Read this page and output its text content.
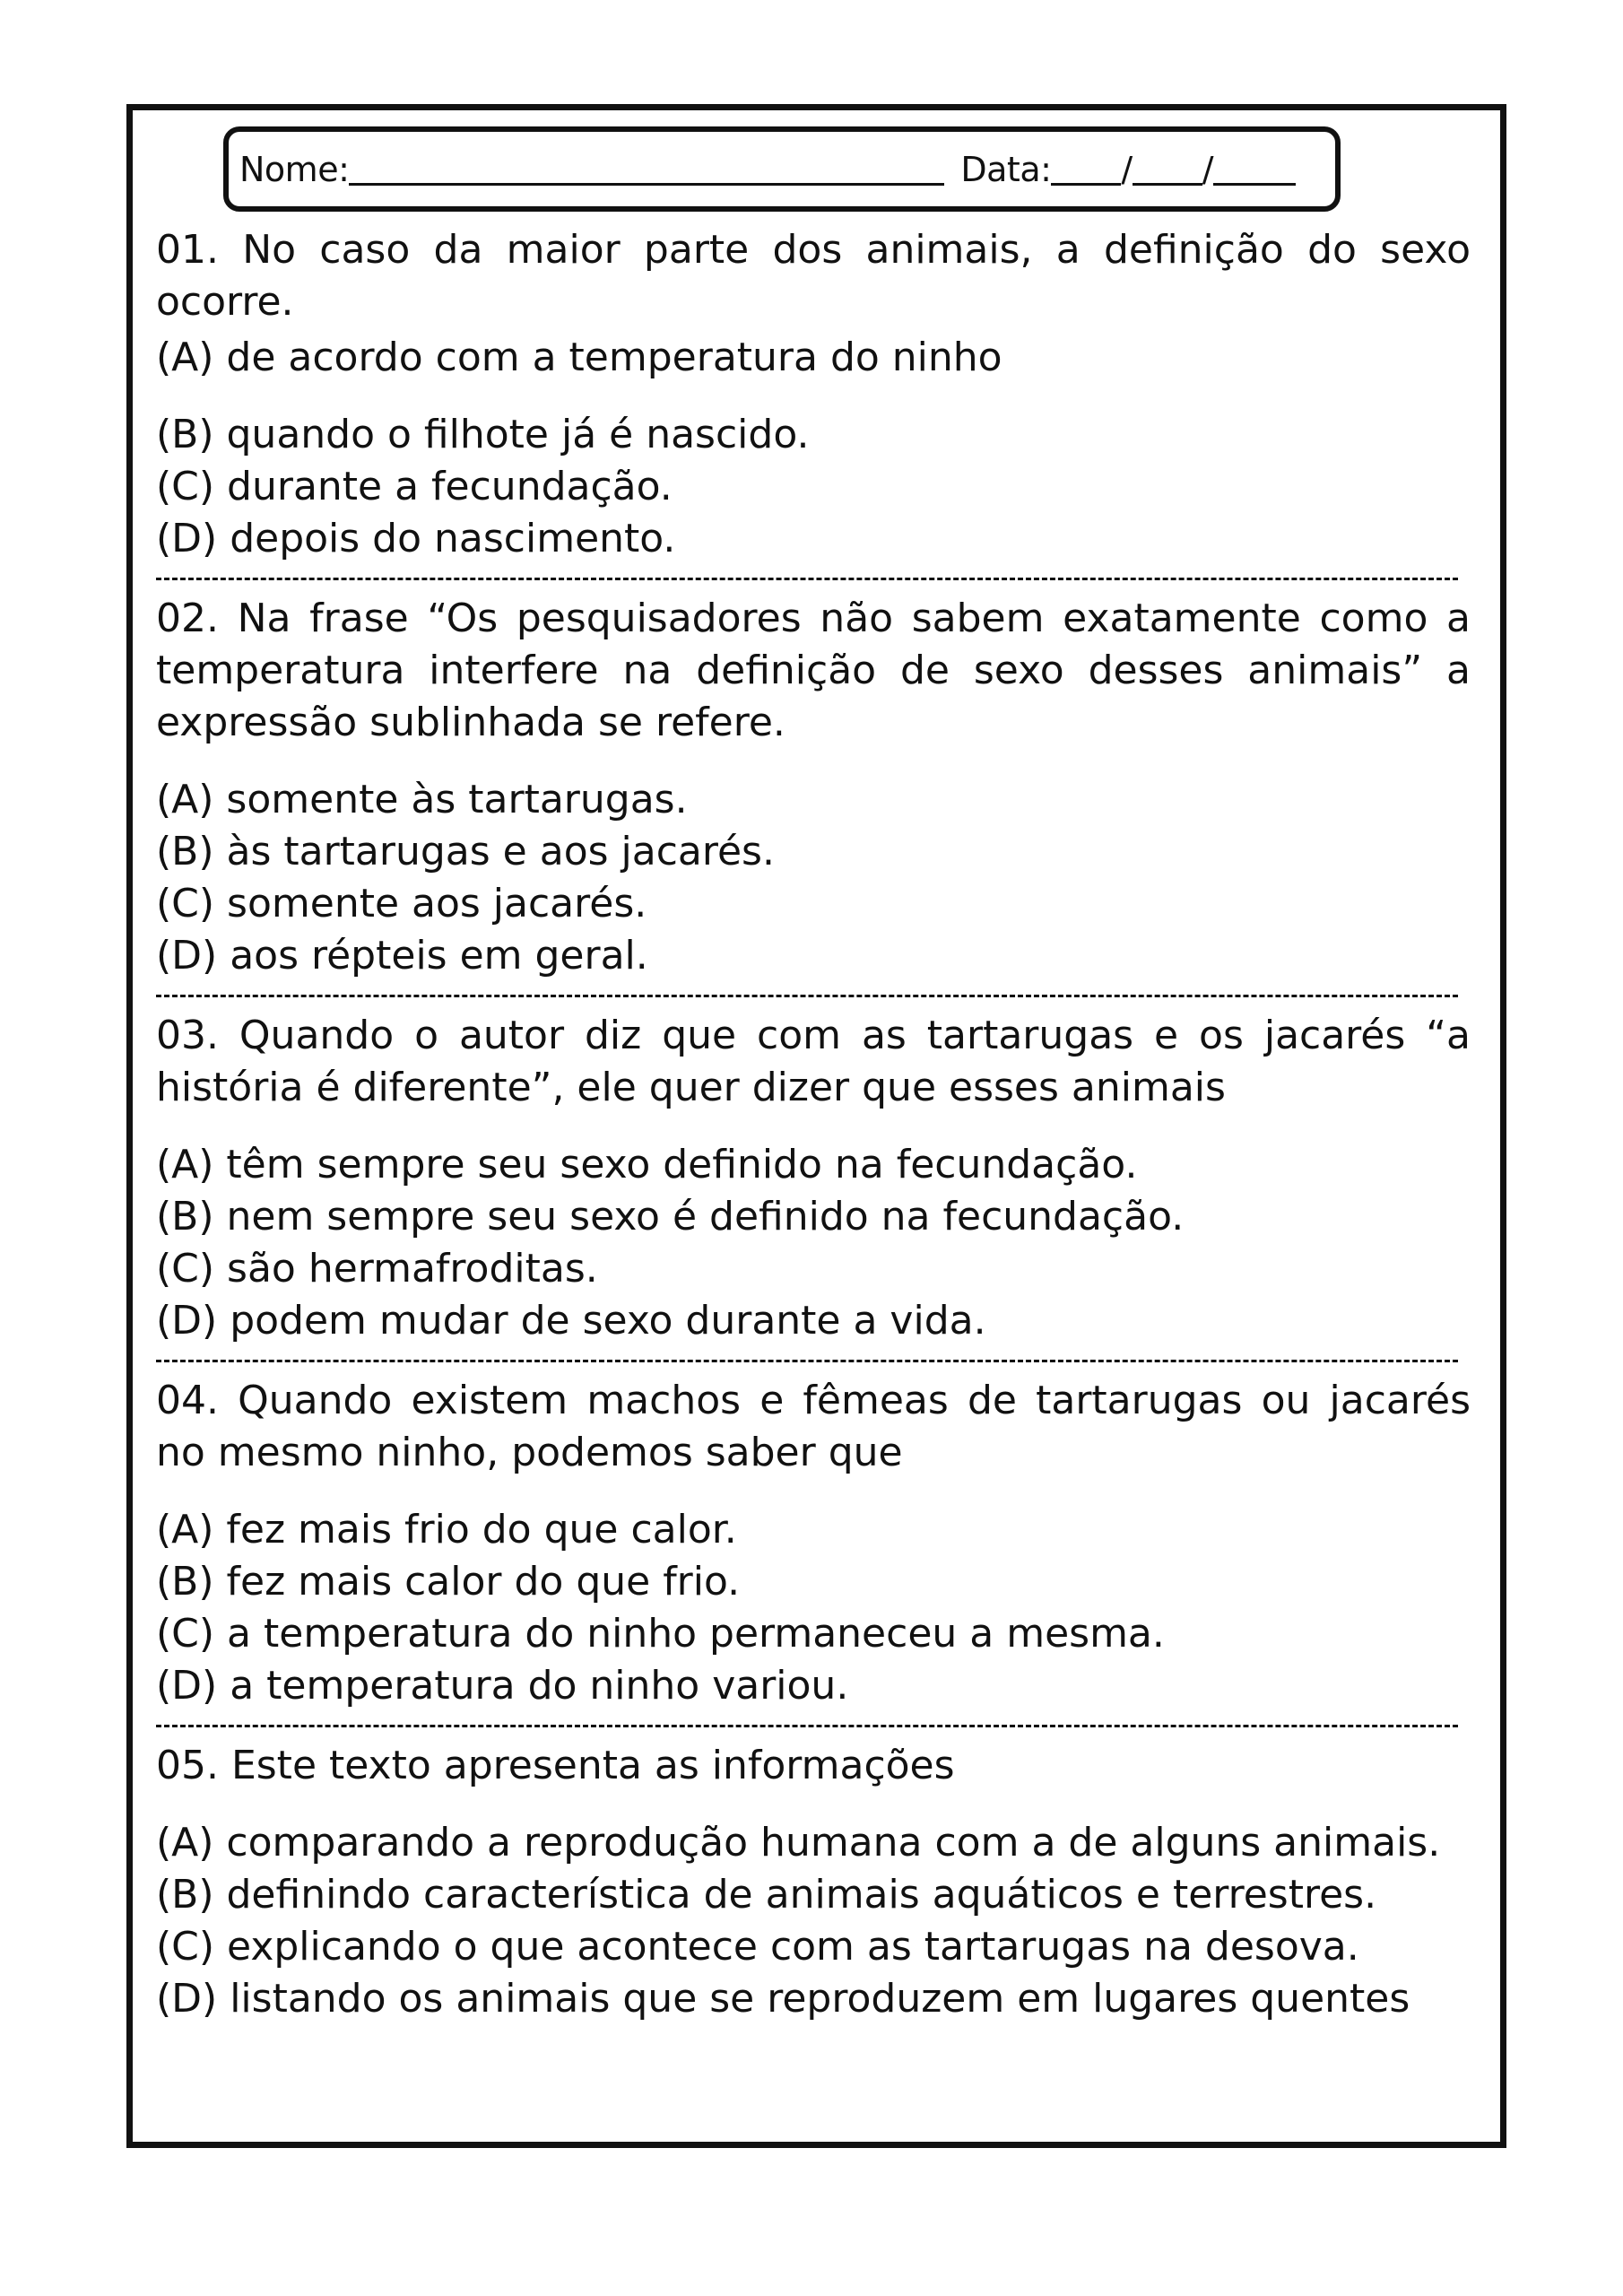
Nome:	Data: / /

01. No caso da maior parte dos animais, a definição do sexo ocorre.

(A) de acordo com a temperatura do ninho

(B) quando o filhote já é nascido.

(C) durante a fecundação.

(D) depois do nascimento.

02. Na frase “Os pesquisadores não sabem exatamente como a temperatura interfere na definição de sexo desses animais” a expressão sublinhada se refere.

(A) somente às tartarugas.

(B) às tartarugas e aos jacarés.

(C) somente aos jacarés.

(D) aos répteis em geral.

03. Quando o autor diz que com as tartarugas e os jacarés “a história é diferente”, ele quer dizer que esses animais

(A) têm sempre seu sexo definido na fecundação.

(B) nem sempre seu sexo é definido na fecundação.

(C) são hermafroditas.

(D) podem mudar de sexo durante a vida.

04. Quando existem machos e fêmeas de tartarugas ou jacarés no mesmo ninho, podemos saber que

(A) fez mais frio do que calor.

(B) fez mais calor do que frio.

(C) a temperatura do ninho permaneceu a mesma.

(D) a temperatura do ninho variou.

05. Este texto apresenta as informações

(A) comparando a reprodução humana com a de alguns animais.

(B) definindo característica de animais aquáticos e terrestres.

(C) explicando o que acontece com as tartarugas na desova.

(D) listando os animais que se reproduzem em lugares quentes
